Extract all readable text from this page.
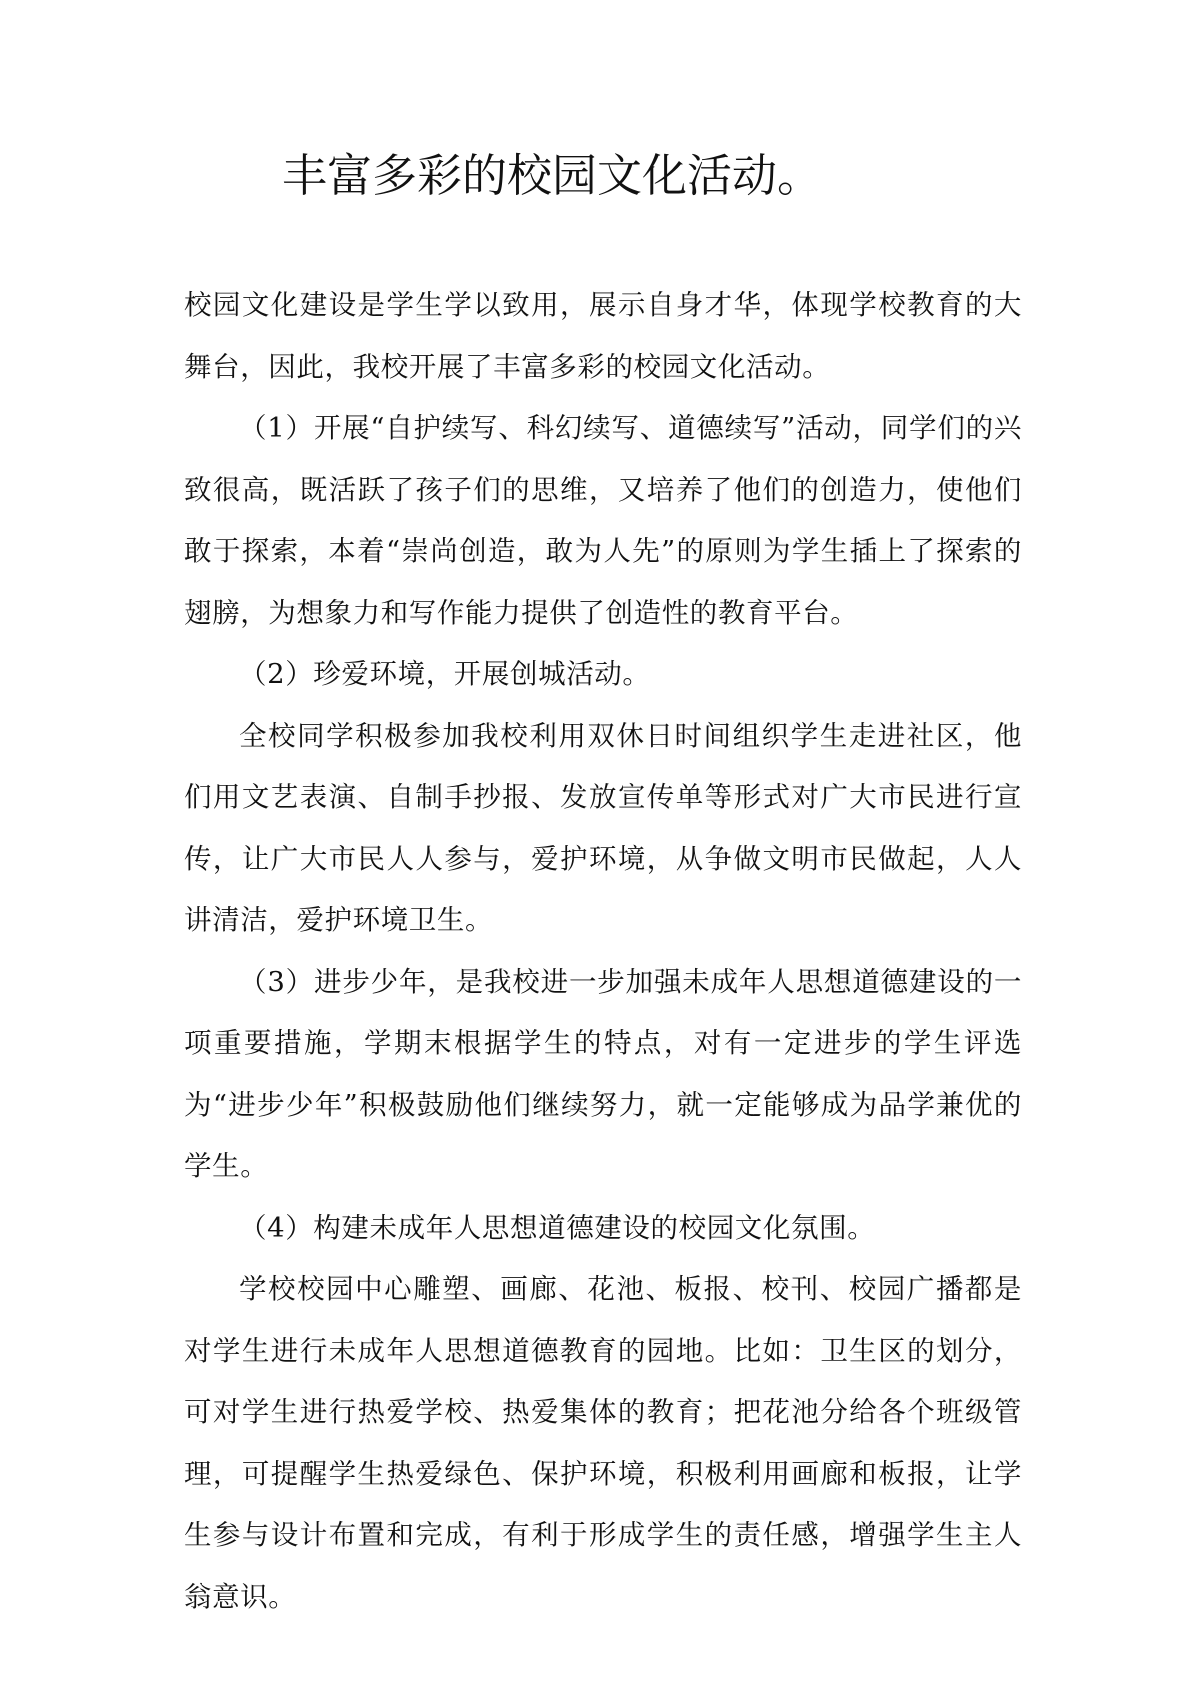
丰富多彩的校园文化活动。

校园文化建设是学生学以致用，展示自身才华，体现学校教育的大舞台，因此，我校开展了丰富多彩的校园文化活动。

（1）开展“自护续写、科幻续写、道德续写”活动，同学们的兴致很高，既活跃了孩子们的思维，又培养了他们的创造力，使他们敢于探索，本着“崇尚创造，敢为人先”的原则为学生插上了探索的翅膀，为想象力和写作能力提供了创造性的教育平台。

（2）珍爱环境，开展创城活动。

全校同学积极参加我校利用双休日时间组织学生走进社区，他们用文艺表演、自制手抄报、发放宣传单等形式对广大市民进行宣传，让广大市民人人参与，爱护环境，从争做文明市民做起，人人讲清洁，爱护环境卫生。

（3）进步少年，是我校进一步加强未成年人思想道德建设的一项重要措施，学期末根据学生的特点，对有一定进步的学生评选为“进步少年”积极鼓励他们继续努力，就一定能够成为品学兼优的学生。

（4）构建未成年人思想道德建设的校园文化氛围。

学校校园中心雕塑、画廊、花池、板报、校刊、校园广播都是对学生进行未成年人思想道德教育的园地。比如：卫生区的划分，可对学生进行热爱学校、热爱集体的教育；把花池分给各个班级管理，可提醒学生热爱绿色、保护环境，积极利用画廊和板报，让学生参与设计布置和完成，有利于形成学生的责任感，增强学生主人翁意识。
